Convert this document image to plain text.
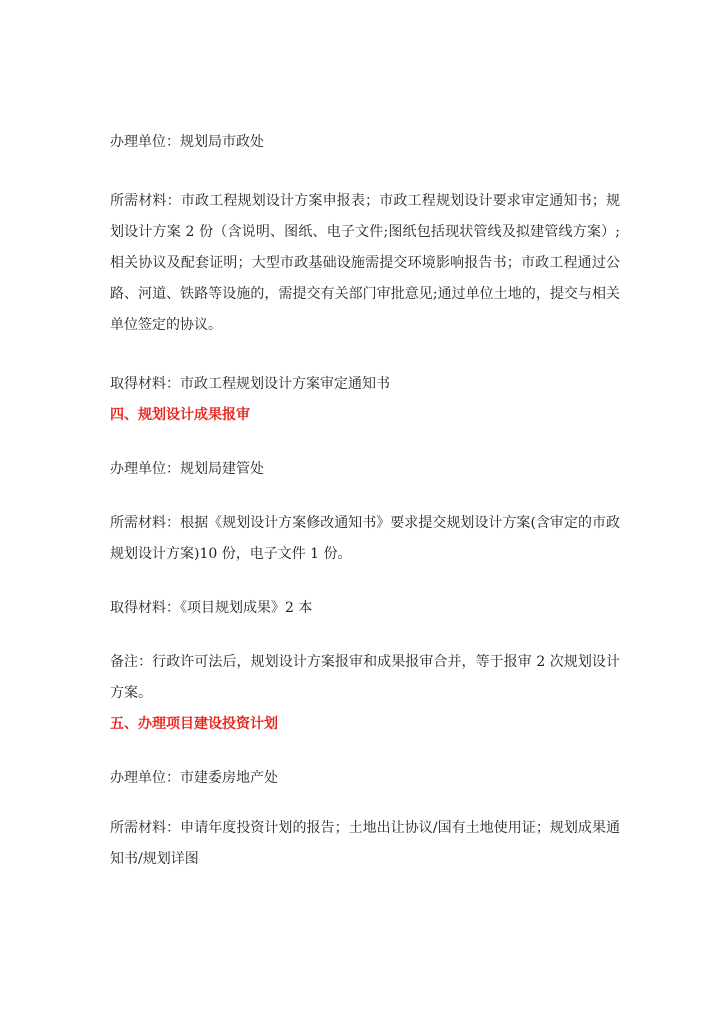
办理单位：规划局市政处

所需材料：市政工程规划设计方案申报表；市政工程规划设计要求审定通知书；规划设计方案 2 份（含说明、图纸、电子文件;图纸包括现状管线及拟建管线方案）;相关协议及配套证明；大型市政基础设施需提交环境影响报告书；市政工程通过公路、河道、铁路等设施的，需提交有关部门审批意见;通过单位土地的，提交与相关单位签定的协议。

取得材料：市政工程规划设计方案审定通知书

四、规划设计成果报审

办理单位：规划局建管处

所需材料：根据《规划设计方案修改通知书》要求提交规划设计方案(含审定的市政规划设计方案)10 份，电子文件 1 份。

取得材料：《项目规划成果》2 本

备注：行政许可法后，规划设计方案报审和成果报审合并，等于报审 2 次规划设计方案。

五、办理项目建设投资计划

办理单位：市建委房地产处

所需材料：申请年度投资计划的报告；土地出让协议/国有土地使用证；规划成果通知书/规划详图
